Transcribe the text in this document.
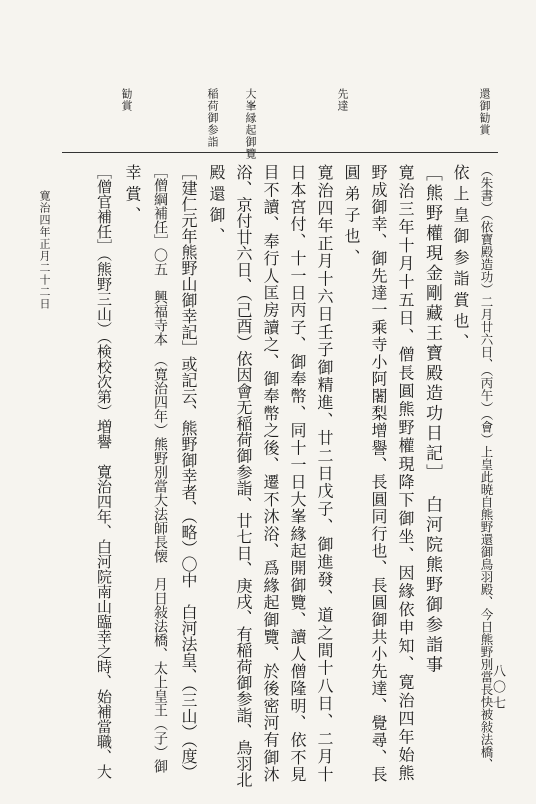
還御勧賞
先達
大峯縁起御覽
稲荷御参詣
勧賞
（朱書）（依寶殿造功）二月廿六日、（丙午）（會）上皇此暁自熊野還御鳥羽殿、今日熊野別當長快被敍法橋、
依上皇御参詣賞也、
［熊野權現金剛藏王寶殿造功日記］　白河院熊野御参詣事
寛治三年十月十五日、僧長圓熊野權現降下御坐、因緣依申知、寛治四年始熊
野成御幸、御先達一乘寺小阿闍梨增譽、長圓同行也、長圓御共小先達、覺尋、長
圓弟子也、
寛治四年正月十六日壬子御精進、廿二日戊子、御進發、道之間十八日、二月十
日本宮付、十一日丙子、御奉幣、同十一日大峯緣起開御覽、讀人僧隆明、依不見
目不讀、奉行人匡房讀之、御奉幣之後、遷不沐浴、爲緣起御覽、於後密河有御沐
浴、京付廿六日、（己酉）依因會无稲荷御参詣、廿七日、庚戌、有稲荷御参詣、鳥羽北
殿還御、
［建仁元年熊野山御幸記］或記云、熊野御幸者、（略）〇中　白河法皇、（三山）（度）
［僧綱補任］〇五　興福寺本　（寛治四年）熊野別當大法師長懐　月日敍法橋、太上皇王（子）御
幸賞、
［僧官補任］（熊野三山）（検校次第）増譽　寛治四年、白河院南山臨幸之時、始補當職、大
寛治四年正月二十二日
八〇七
